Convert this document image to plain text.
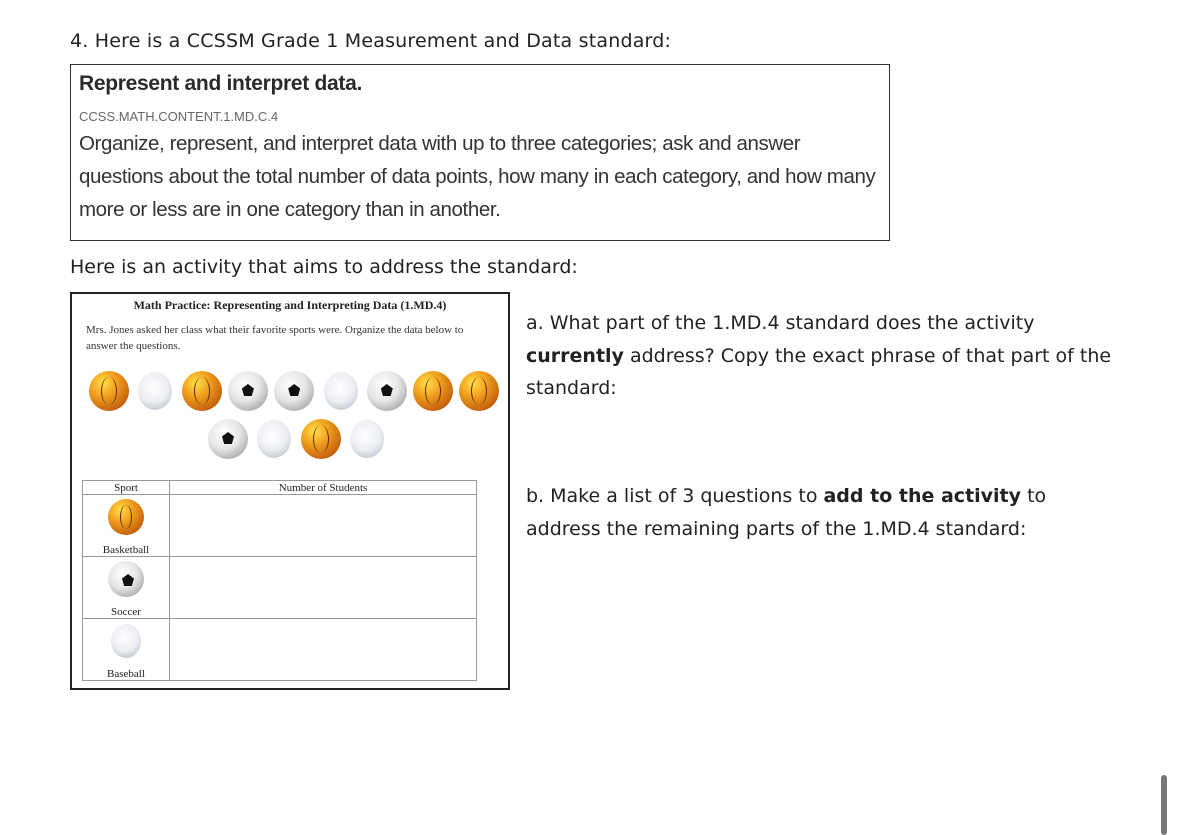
4. Here is a CCSSM Grade 1 Measurement and Data standard:
Represent and interpret data.
CCSS.MATH.CONTENT.1.MD.C.4
Organize, represent, and interpret data with up to three categories; ask and answer questions about the total number of data points, how many in each category, and how many more or less are in one category than in another.
Here is an activity that aims to address the standard:
Math Practice: Representing and Interpreting Data (1.MD.4)
Mrs. Jones asked her class what their favorite sports were. Organize the data below to answer the questions.
Sport	Number of Students

Basketball	

Soccer	

Baseball	
a. What part of the 1.MD.4 standard does the activity currently address? Copy the exact phrase of that part of the standard:
b. Make a list of 3 questions to add to the activity to address the remaining parts of the 1.MD.4 standard:
